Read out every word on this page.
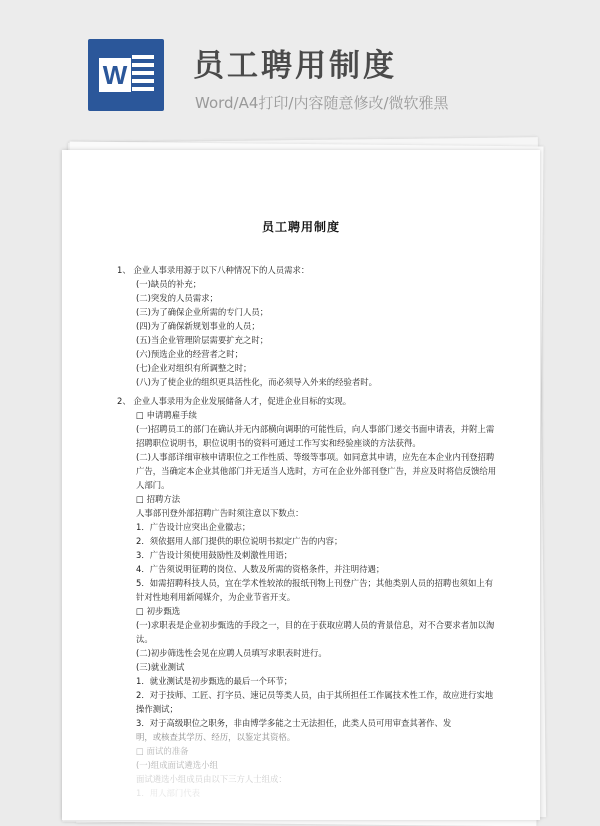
W 员工聘用制度
Word/A4打印/内容随意修改/微软雅黑
员工聘用制度
1、 企业人事录用源于以下八种情况下的人员需求：
(一)缺员的补充；
(二)突发的人员需求；
(三)为了确保企业所需的专门人员；
(四)为了确保新规划事业的人员；
(五)当企业管理阶层需要扩充之时；
(六)预选企业的经营者之时；
(七)企业对组织有所调整之时；
(八)为了使企业的组织更具活性化，而必须导入外来的经验者时。
2、 企业人事录用为企业发展储备人才，促进企业目标的实现。
□ 申请聘雇手续
(一)招聘员工的部门在确认并无内部横向调职的可能性后，向人事部门递交书面申请表，并附上需
招聘职位说明书，职位说明书的资料可通过工作写实和经验座谈的方法获得。
(二)人事部详细审核申请职位之工作性质、等级等事项。如同意其申请，应先在本企业内刊登招聘
广告，当确定本企业其他部门并无适当人选时，方可在企业外部刊登广告，并应及时将信反馈给用
人部门。
□ 招聘方法
人事部刊登外部招聘广告时须注意以下数点：
1．广告设计应突出企业徽志；
2．须依据用人部门提供的职位说明书拟定广告的内容；
3．广告设计须使用鼓励性及刺激性用语；
4．广告须说明征聘的岗位、人数及所需的资格条件，并注明待遇；
5．如需招聘科技人员，宜在学术性较浓的报纸刊物上刊登广告；其他类别人员的招聘也须如上有
针对性地利用新闻媒介，为企业节省开支。
□ 初步甄选
(一)求职表是企业初步甄选的手段之一，目的在于获取应聘人员的背景信息，对不合要求者加以淘
汰。
(二)初步筛选性会见在应聘人员填写求职表时进行。
(三)就业测试
1．就业测试是初步甄选的最后一个环节；
2．对于技师、工匠、打字员、速记员等类人员，由于其所担任工作属技术性工作，故应进行实地
操作测试；
3．对于高级职位之职务，非由博学多能之士无法担任，此类人员可用审查其著作、发
明，或核查其学历、经历，以鉴定其资格。
□ 面试的准备
(一)组成面试遴选小组
面试遴选小组成员由以下三方人士组成：
1．用人部门代表
